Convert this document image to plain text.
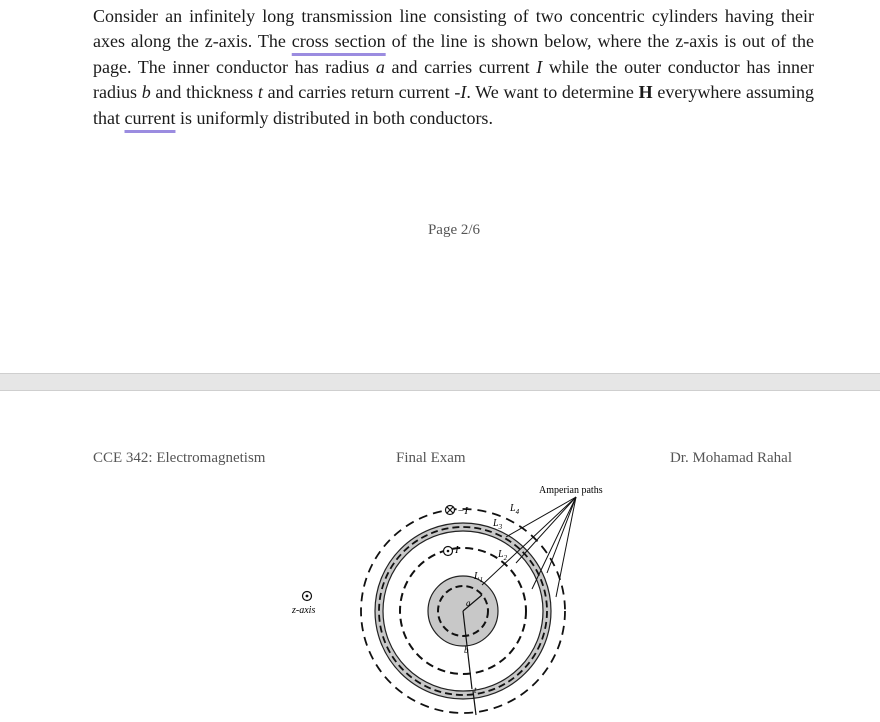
Consider an infinitely long transmission line consisting of two concentric cylinders having their axes along the z-axis. The cross section of the line is shown below, where the z-axis is out of the page. The inner conductor has radius a and carries current I while the outer conductor has inner radius b and thickness t and carries return current -I. We want to determine H everywhere assuming that current is uniformly distributed in both conductors.

Page 2/6
CCE 342: Electromagnetism	Final Exam	Dr. Mohamad Rahal
a
b
t
−I
I
$L_4$
$L_3$
$L_2$
$L_1$
Amperian paths
z-axis
